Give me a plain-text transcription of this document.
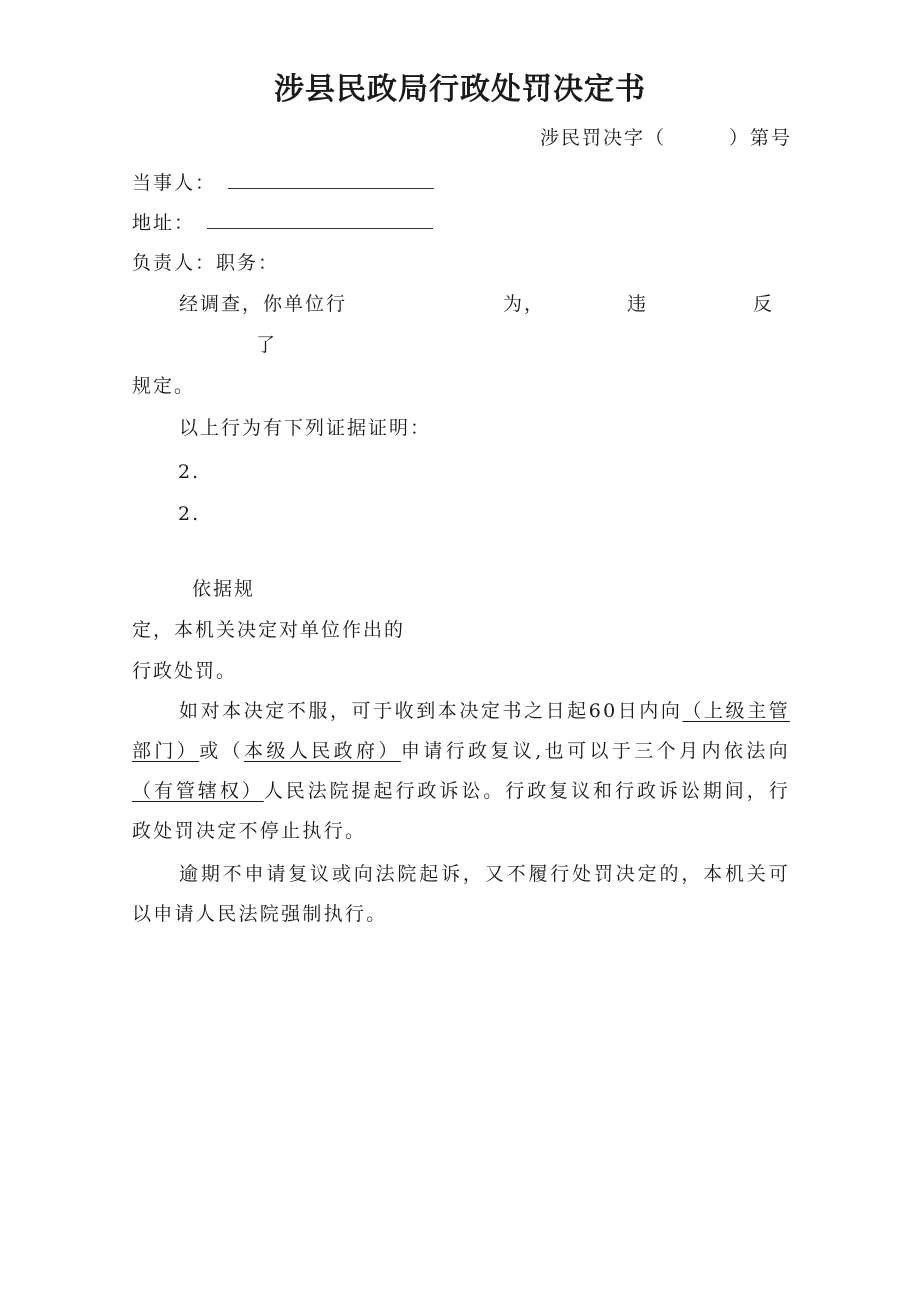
涉县民政局行政处罚决定书
涉民罚决字（　　　）第号
当事人：
地址：
负责人：职务：
经调查，你单位行	为，	违	反
了
规定。
以上行为有下列证据证明：
2.
2.
依据规
定，本机关决定对单位作出的
行政处罚。
如对本决定不服，可于收到本决定书之日起60日内向（上级主管部门）或（本级人民政府）申请行政复议,也可以于三个月内依法向（有管辖权）人民法院提起行政诉讼。行政复议和行政诉讼期间，行政处罚决定不停止执行。
逾期不申请复议或向法院起诉，又不履行处罚决定的，本机关可以申请人民法院强制执行。
